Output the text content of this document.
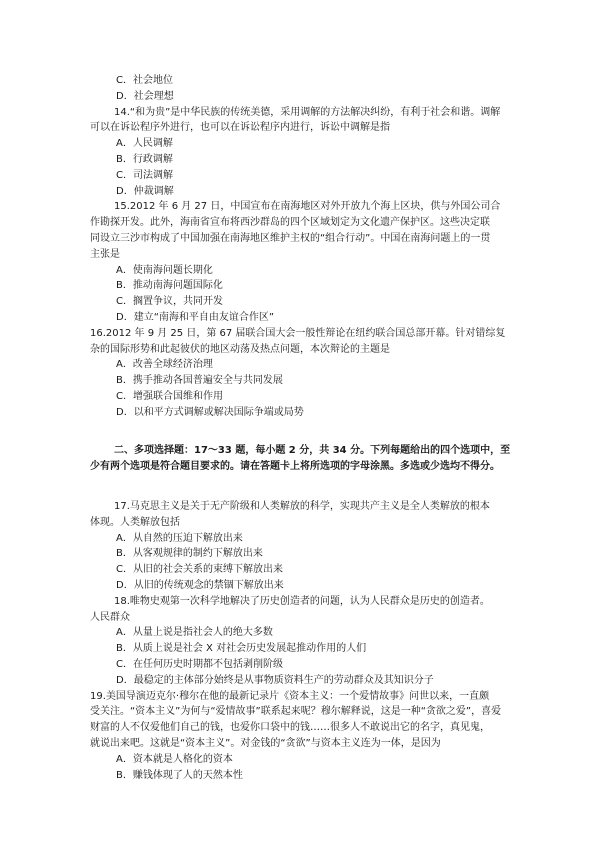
C．社会地位
D．社会理想
14.“和为贵”是中华民族的传统美德，采用调解的方法解决纠纷，有利于社会和谐。调解
可以在诉讼程序外进行，也可以在诉讼程序内进行，诉讼中调解是指
A．人民调解
B．行政调解
C．司法调解
D．仲裁调解
15.2012 年 6 月 27 日，中国宣布在南海地区对外开放九个海上区块，供与外国公司合
作勘探开发。此外，海南省宣布将西沙群岛的四个区域划定为文化遗产保护区。这些决定联
同设立三沙市构成了中国加强在南海地区维护主权的“组合行动”。中国在南海问题上的一贯
主张是
A．使南海问题长期化
B．推动南海问题国际化
C．搁置争议，共同开发
D．建立“南海和平自由友谊合作区”
16.2012 年 9 月 25 日，第 67 届联合国大会一般性辩论在纽约联合国总部开幕。针对错综复
杂的国际形势和此起彼伏的地区动荡及热点问题，本次辩论的主题是
A．改善全球经济治理
B．携手推动各国普遍安全与共同发展
C．增强联合国维和作用
D．以和平方式调解或解决国际争端或局势
二、多项选择题：17～33 题，每小题 2 分，共 34 分。下列每题给出的四个选项中，至
少有两个选项是符合题目要求的。请在答题卡上将所选项的字母涂黑。多选或少选均不得分。
17.马克思主义是关于无产阶级和人类解放的科学，实现共产主义是全人类解放的根本
体现。人类解放包括
A．从自然的压迫下解放出来
B．从客观规律的制约下解放出来
C．从旧的社会关系的束缚下解放出来
D．从旧的传统观念的禁锢下解放出来
18.唯物史观第一次科学地解决了历史创造者的问题，认为人民群众是历史的创造者。
人民群众
A．从量上说是指社会人的绝大多数
B．从质上说是社会 X 对社会历史发展起推动作用的人们
C．在任何历史时期都不包括剥削阶级
D．最稳定的主体部分始终是从事物质资料生产的劳动群众及其知识分子
19.美国导演迈克尔·穆尔在他的最新记录片《资本主义：一个爱情故事》问世以来，一直颇
受关注。“资本主义”为何与“爱情故事”联系起来呢？穆尔解释说，这是一种“贪欲之爱”，喜爱
财富的人不仅爱他们自己的钱，也爱你口袋中的钱……很多人不敢说出它的名字，真见鬼，
就说出来吧。这就是“资本主义”。对金钱的“贪欲”与资本主义连为一体，是因为
A．资本就是人格化的资本
B．赚钱体现了人的天然本性
